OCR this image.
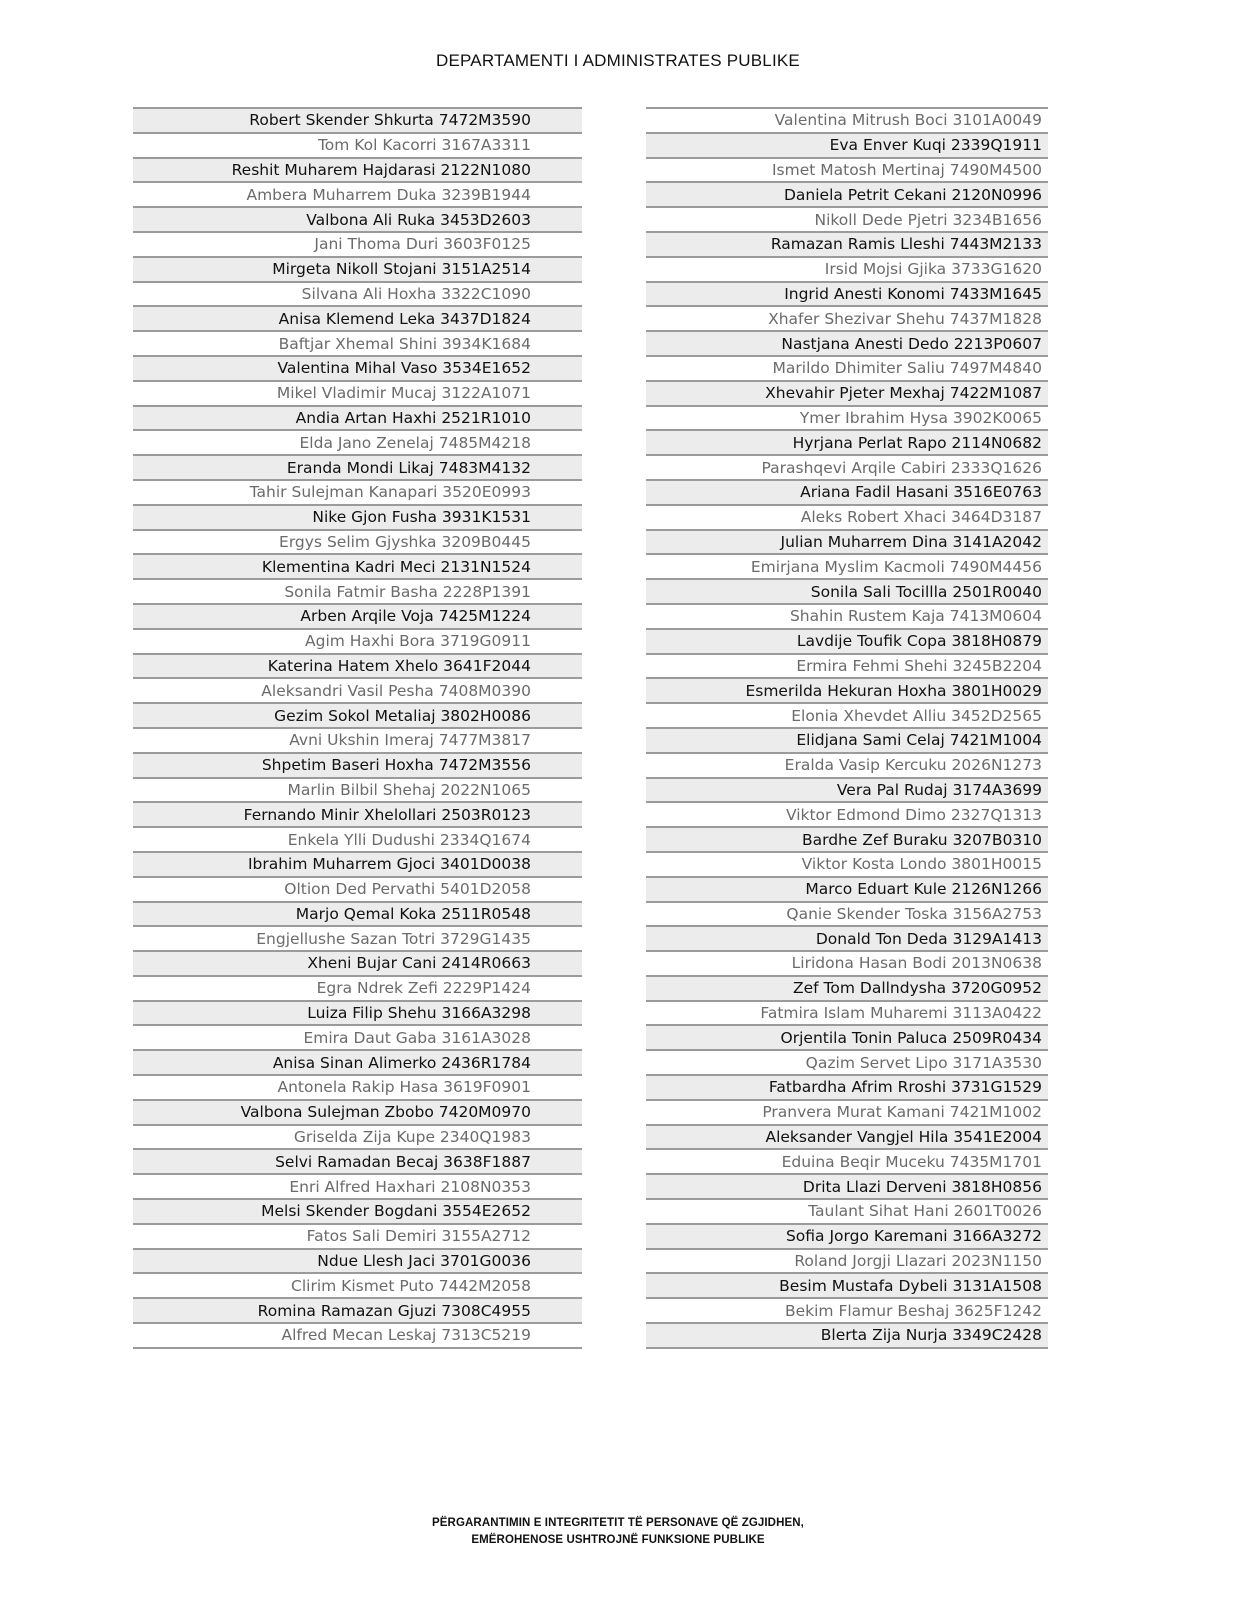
DEPARTAMENTI I ADMINISTRATES PUBLIKE
Robert Skender Shkurta 7472M3590
Tom Kol Kacorri 3167A3311
Reshit Muharem Hajdarasi 2122N1080
Ambera Muharrem Duka 3239B1944
Valbona Ali Ruka 3453D2603
Jani Thoma Duri 3603F0125
Mirgeta Nikoll Stojani 3151A2514
Silvana Ali Hoxha 3322C1090
Anisa Klemend Leka 3437D1824
Baftjar Xhemal Shini 3934K1684
Valentina Mihal Vaso 3534E1652
Mikel Vladimir Mucaj 3122A1071
Andia Artan Haxhi 2521R1010
Elda Jano Zenelaj 7485M4218
Eranda Mondi Likaj 7483M4132
Tahir Sulejman Kanapari 3520E0993
Nike Gjon Fusha 3931K1531
Ergys Selim Gjyshka 3209B0445
Klementina Kadri Meci 2131N1524
Sonila Fatmir Basha 2228P1391
Arben Arqile Voja 7425M1224
Agim Haxhi Bora 3719G0911
Katerina Hatem Xhelo 3641F2044
Aleksandri Vasil Pesha 7408M0390
Gezim Sokol Metaliaj 3802H0086
Avni Ukshin Imeraj 7477M3817
Shpetim Baseri Hoxha 7472M3556
Marlin Bilbil Shehaj 2022N1065
Fernando Minir Xhelollari 2503R0123
Enkela Ylli Dudushi 2334Q1674
Ibrahim Muharrem Gjoci 3401D0038
Oltion Ded Pervathi 5401D2058
Marjo Qemal Koka 2511R0548
Engjellushe Sazan Totri 3729G1435
Xheni Bujar Cani 2414R0663
Egra Ndrek Zefi 2229P1424
Luiza Filip Shehu 3166A3298
Emira Daut Gaba 3161A3028
Anisa Sinan Alimerko 2436R1784
Antonela Rakip Hasa 3619F0901
Valbona Sulejman Zbobo 7420M0970
Griselda Zija Kupe 2340Q1983
Selvi Ramadan Becaj 3638F1887
Enri Alfred Haxhari 2108N0353
Melsi Skender Bogdani 3554E2652
Fatos Sali Demiri 3155A2712
Ndue Llesh Jaci 3701G0036
Clirim Kismet Puto 7442M2058
Romina Ramazan Gjuzi 7308C4955
Alfred Mecan Leskaj 7313C5219
Valentina Mitrush Boci 3101A0049
Eva Enver Kuqi 2339Q1911
Ismet Matosh Mertinaj 7490M4500
Daniela Petrit Cekani 2120N0996
Nikoll Dede Pjetri 3234B1656
Ramazan Ramis Lleshi 7443M2133
Irsid Mojsi Gjika 3733G1620
Ingrid Anesti Konomi 7433M1645
Xhafer Shezivar Shehu 7437M1828
Nastjana Anesti Dedo 2213P0607
Marildo Dhimiter Saliu 7497M4840
Xhevahir Pjeter Mexhaj 7422M1087
Ymer Ibrahim Hysa 3902K0065
Hyrjana Perlat Rapo 2114N0682
Parashqevi Arqile Cabiri 2333Q1626
Ariana Fadil Hasani 3516E0763
Aleks Robert Xhaci 3464D3187
Julian Muharrem Dina 3141A2042
Emirjana Myslim Kacmoli 7490M4456
Sonila Sali Tocillla 2501R0040
Shahin Rustem Kaja 7413M0604
Lavdije Toufik Copa 3818H0879
Ermira Fehmi Shehi 3245B2204
Esmerilda Hekuran Hoxha 3801H0029
Elonia Xhevdet Alliu 3452D2565
Elidjana Sami Celaj 7421M1004
Eralda Vasip Kercuku 2026N1273
Vera Pal Rudaj 3174A3699
Viktor Edmond Dimo 2327Q1313
Bardhe Zef Buraku 3207B0310
Viktor Kosta Londo 3801H0015
Marco Eduart Kule 2126N1266
Qanie Skender Toska 3156A2753
Donald Ton Deda 3129A1413
Liridona Hasan Bodi 2013N0638
Zef Tom Dallndysha 3720G0952
Fatmira Islam Muharemi 3113A0422
Orjentila Tonin Paluca 2509R0434
Qazim Servet Lipo 3171A3530
Fatbardha Afrim Rroshi 3731G1529
Pranvera Murat Kamani 7421M1002
Aleksander Vangjel Hila 3541E2004
Eduina Beqir Muceku 7435M1701
Drita Llazi Derveni 3818H0856
Taulant Sihat Hani 2601T0026
Sofia Jorgo Karemani 3166A3272
Roland Jorgji Llazari 2023N1150
Besim Mustafa Dybeli 3131A1508
Bekim Flamur Beshaj 3625F1242
Blerta Zija Nurja 3349C2428
PËRGARANTIMIN E INTEGRITETIT TË PERSONAVE QË ZGJIDHEN,
EMËROHENOSE USHTROJNË FUNKSIONE PUBLIKE
